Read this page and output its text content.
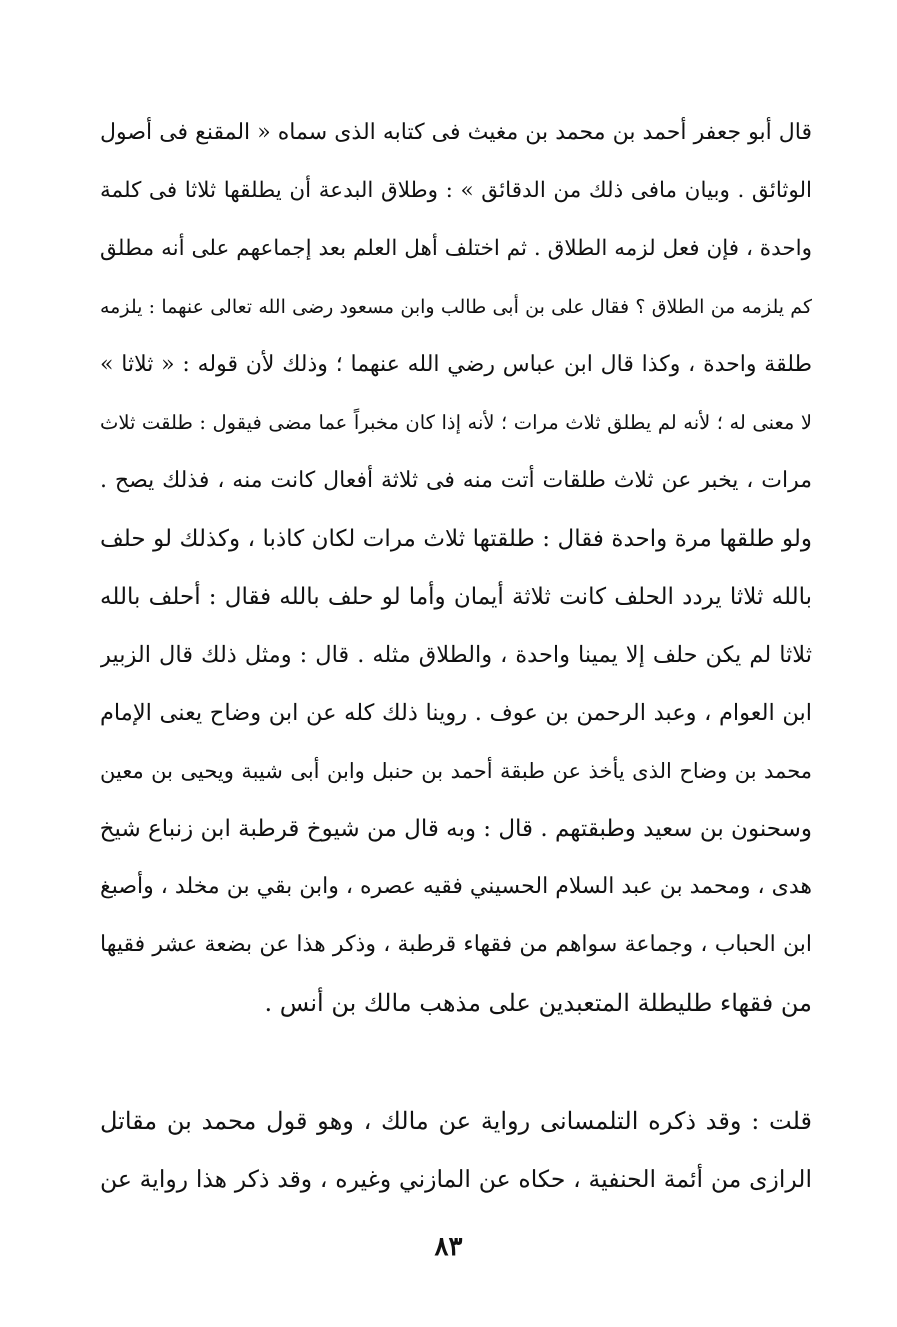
قال أبو جعفر أحمد بن محمد بن مغيث فى كتابه الذى سماه « المقنع فى أصول
الوثائق . وبيان مافى ذلك من الدقائق » : وطلاق البدعة أن يطلقها ثلاثا فى كلمة
واحدة ، فإن فعل لزمه الطلاق . ثم اختلف أهل العلم بعد إجماعهم على أنه مطلق
كم يلزمه من الطلاق ؟ فقال على بن أبى طالب وابن مسعود رضى الله تعالى عنهما : يلزمه
طلقة واحدة ، وكذا قال ابن عباس رضي الله عنهما ؛ وذلك لأن قوله : « ثلاثا »
لا معنى له ؛ لأنه لم يطلق ثلاث مرات ؛ لأنه إذا كان مخبراً عما مضى فيقول : طلقت ثلاث
مرات ، يخبر عن ثلاث طلقات أتت منه فى ثلاثة أفعال كانت منه ، فذلك يصح .
ولو طلقها مرة واحدة فقال : طلقتها ثلاث مرات لكان كاذبا ، وكذلك لو حلف
بالله ثلاثا يردد الحلف كانت ثلاثة أيمان وأما لو حلف بالله فقال : أحلف بالله
ثلاثا لم يكن حلف إلا يمينا واحدة ، والطلاق مثله . قال : ومثل ذلك قال الزبير
ابن العوام ، وعبد الرحمن بن عوف . روينا ذلك كله عن ابن وضاح يعنى الإمام
محمد بن وضاح الذى يأخذ عن طبقة أحمد بن حنبل وابن أبى شيبة ويحيى بن معين
وسحنون بن سعيد وطبقتهم . قال : وبه قال من شيوخ قرطبة ابن زنباع شيخ
هدى ، ومحمد بن عبد السلام الحسيني فقيه عصره ، وابن بقي بن مخلد ، وأصبغ
ابن الحباب ، وجماعة سواهم من فقهاء قرطبة ، وذكر هذا عن بضعة عشر فقيها
من فقهاء طليطلة المتعبدين على مذهب مالك بن أنس .
قلت : وقد ذكره التلمسانى رواية عن مالك ، وهو قول محمد بن مقاتل
الرازى من أئمة الحنفية ، حكاه عن المازني وغيره ، وقد ذكر هذا رواية عن
٨٣
